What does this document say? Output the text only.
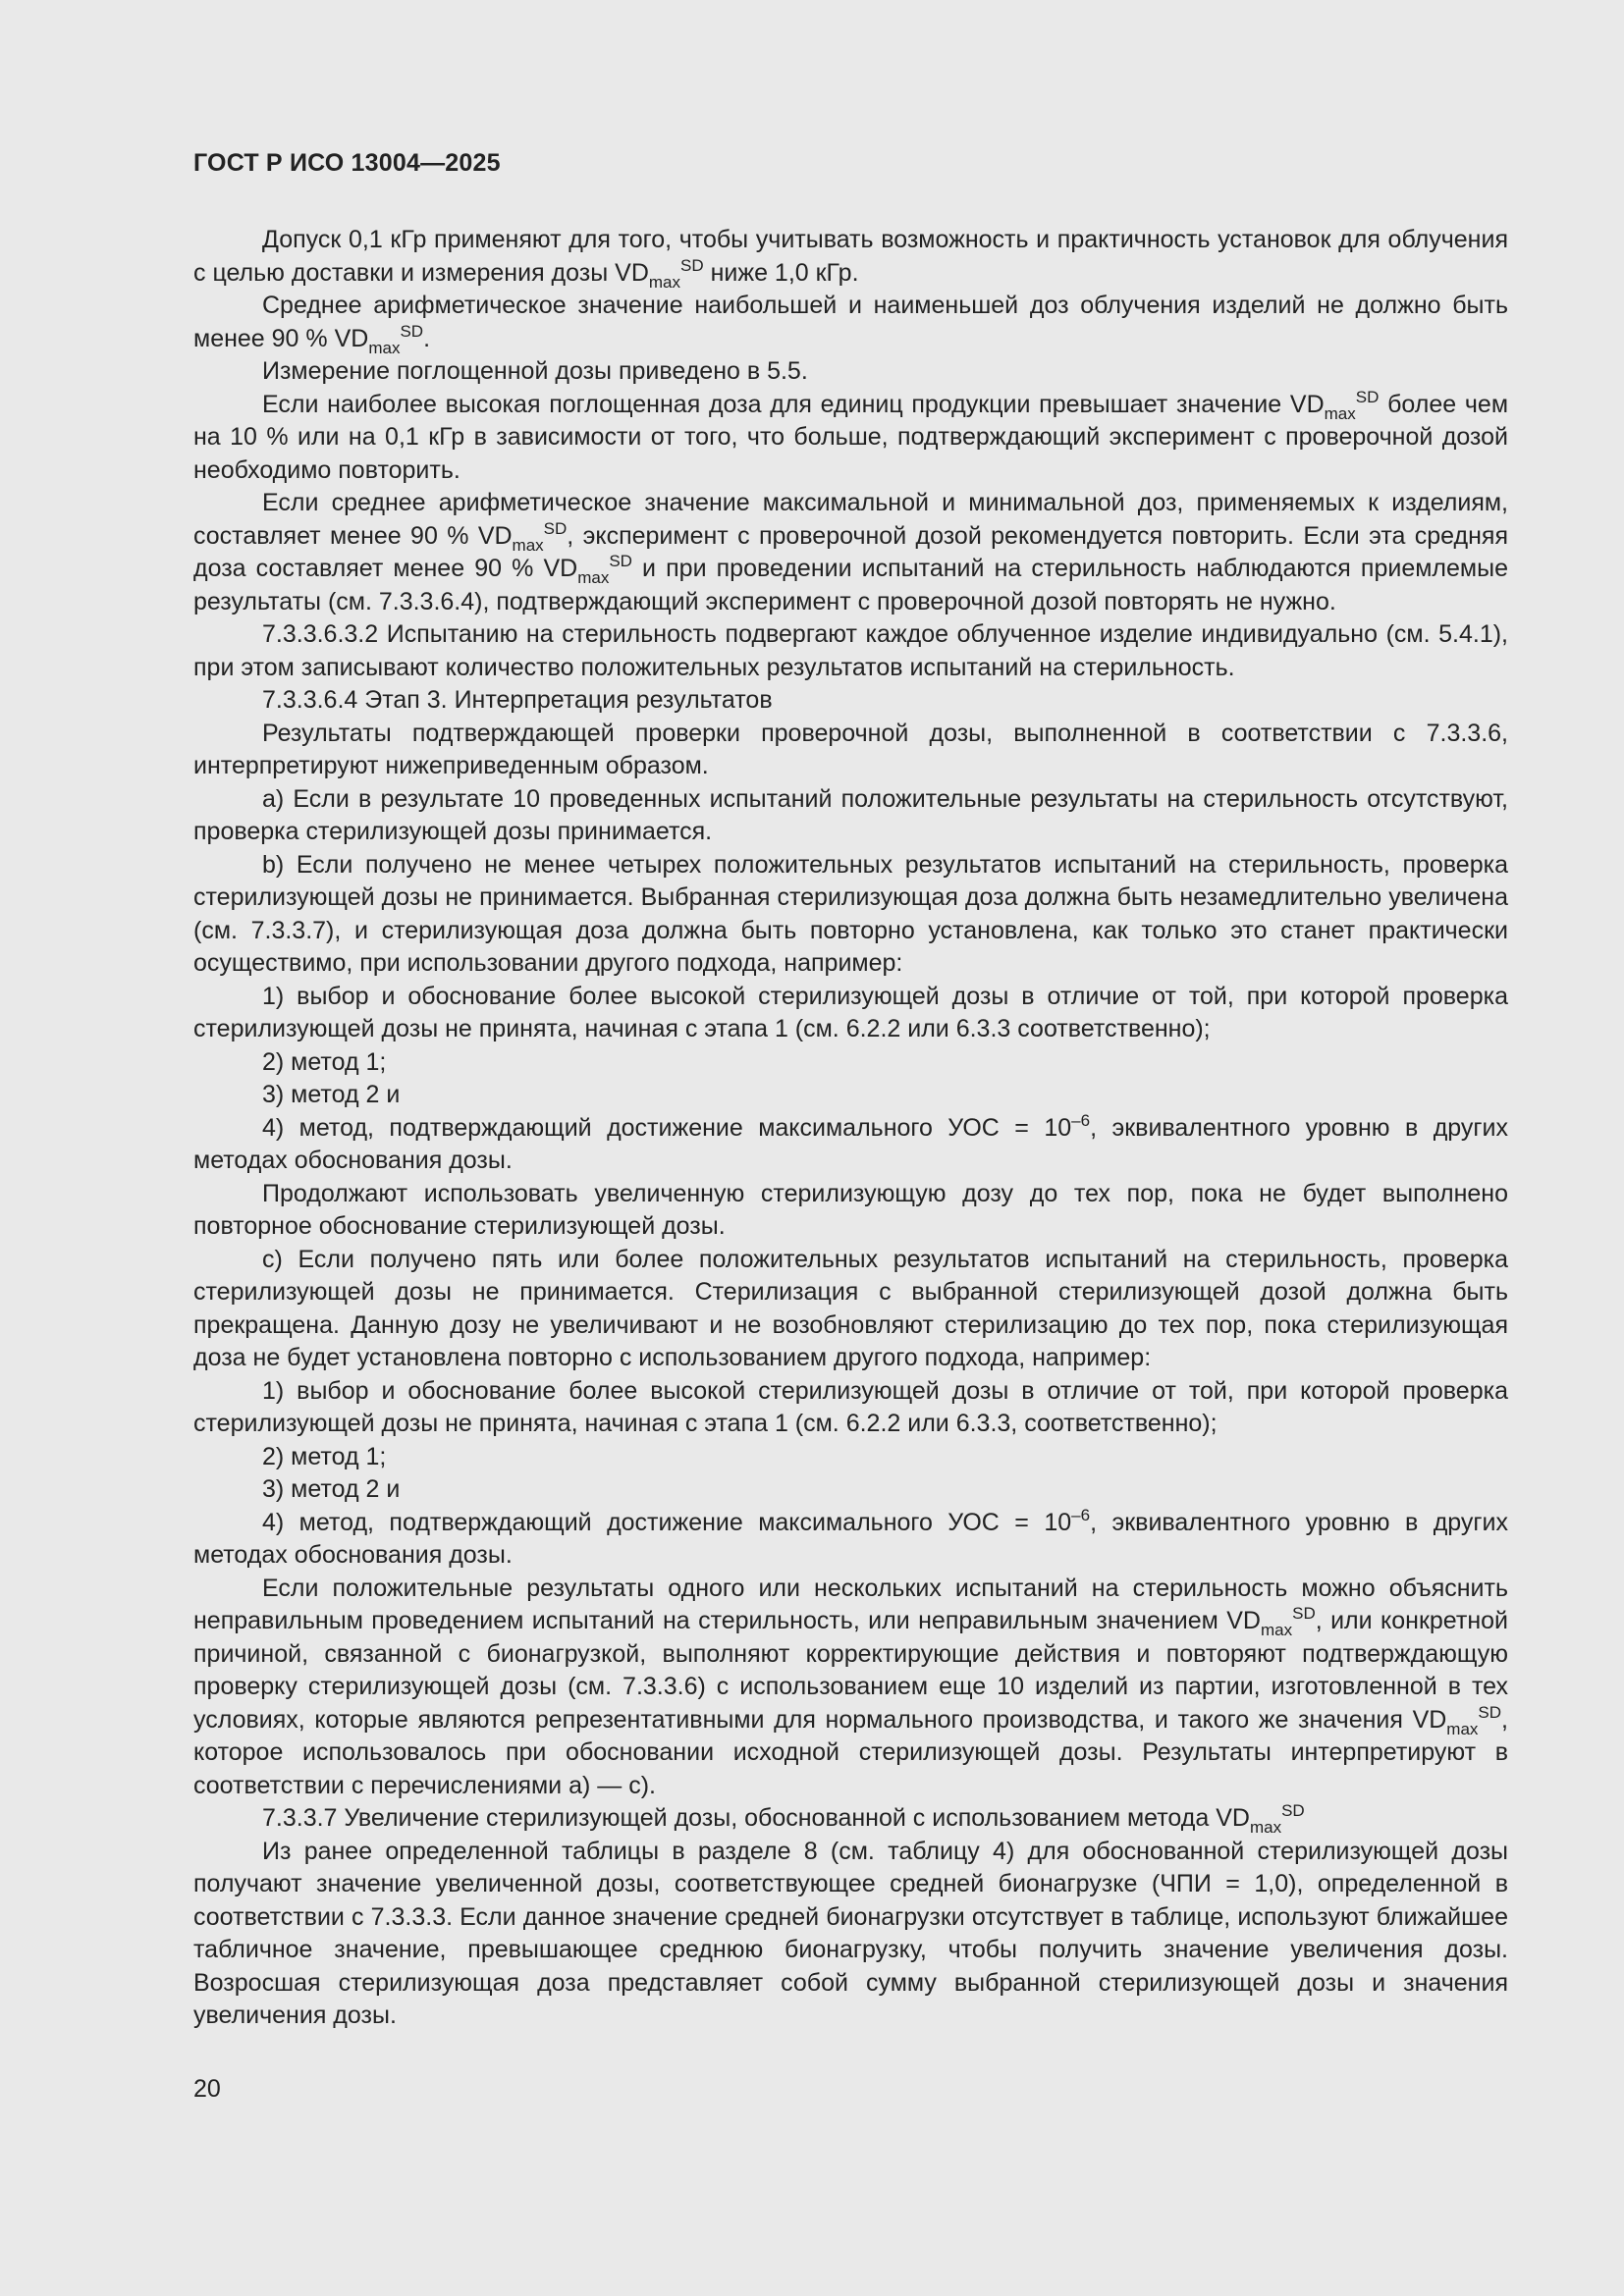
ГОСТ Р ИСО 13004—2025

Допуск 0,1 кГр применяют для того, чтобы учитывать возможность и практичность установок для облучения с целью доставки и измерения дозы $VD_{max}^{SD}$ ниже 1,0 кГр.

Среднее арифметическое значение наибольшей и наименьшей доз облучения изделий не должно быть менее 90 % $VD_{max}^{SD}$.

Измерение поглощенной дозы приведено в 5.5.

Если наиболее высокая поглощенная доза для единиц продукции превышает значение $VD_{max}^{SD}$ более чем на 10 % или на 0,1 кГр в зависимости от того, что больше, подтверждающий эксперимент с проверочной дозой необходимо повторить.

Если среднее арифметическое значение максимальной и минимальной доз, применяемых к изделиям, составляет менее 90 % $VD_{max}^{SD}$, эксперимент с проверочной дозой рекомендуется повторить. Если эта средняя доза составляет менее 90 % $VD_{max}^{SD}$ и при проведении испытаний на стерильность наблюдаются приемлемые результаты (см. 7.3.3.6.4), подтверждающий эксперимент с проверочной дозой повторять не нужно.

7.3.3.6.3.2 Испытанию на стерильность подвергают каждое облученное изделие индивидуально (см. 5.4.1), при этом записывают количество положительных результатов испытаний на стерильность.

7.3.3.6.4 Этап 3. Интерпретация результатов

Результаты подтверждающей проверки проверочной дозы, выполненной в соответствии с 7.3.3.6, интерпретируют нижеприведенным образом.

a) Если в результате 10 проведенных испытаний положительные результаты на стерильность отсутствуют, проверка стерилизующей дозы принимается.

b) Если получено не менее четырех положительных результатов испытаний на стерильность, проверка стерилизующей дозы не принимается. Выбранная стерилизующая доза должна быть незамедлительно увеличена (см. 7.3.3.7), и стерилизующая доза должна быть повторно установлена, как только это станет практически осуществимо, при использовании другого подхода, например:

1) выбор и обоснование более высокой стерилизующей дозы в отличие от той, при которой проверка стерилизующей дозы не принята, начиная с этапа 1 (см. 6.2.2 или 6.3.3 соответственно);

2) метод 1;

3) метод 2 и

4) метод, подтверждающий достижение максимального УОС = $10^{-6}$, эквивалентного уровню в других методах обоснования дозы.

Продолжают использовать увеличенную стерилизующую дозу до тех пор, пока не будет выполнено повторное обоснование стерилизующей дозы.

c) Если получено пять или более положительных результатов испытаний на стерильность, проверка стерилизующей дозы не принимается. Стерилизация с выбранной стерилизующей дозой должна быть прекращена. Данную дозу не увеличивают и не возобновляют стерилизацию до тех пор, пока стерилизующая доза не будет установлена повторно с использованием другого подхода, например:

1) выбор и обоснование более высокой стерилизующей дозы в отличие от той, при которой проверка стерилизующей дозы не принята, начиная с этапа 1 (см. 6.2.2 или 6.3.3, соответственно);

2) метод 1;

3) метод 2 и

4) метод, подтверждающий достижение максимального УОС = $10^{-6}$, эквивалентного уровню в других методах обоснования дозы.

Если положительные результаты одного или нескольких испытаний на стерильность можно объяснить неправильным проведением испытаний на стерильность, или неправильным значением $VD_{max}^{SD}$, или конкретной причиной, связанной с бионагрузкой, выполняют корректирующие действия и повторяют подтверждающую проверку стерилизующей дозы (см. 7.3.3.6) с использованием еще 10 изделий из партии, изготовленной в тех условиях, которые являются репрезентативными для нормального производства, и такого же значения $VD_{max}^{SD}$, которое использовалось при обосновании исходной стерилизующей дозы. Результаты интерпретируют в соответствии с перечислениями a) — c).

7.3.3.7 Увеличение стерилизующей дозы, обоснованной с использованием метода $VD_{max}^{SD}$

Из ранее определенной таблицы в разделе 8 (см. таблицу 4) для обоснованной стерилизующей дозы получают значение увеличенной дозы, соответствующее средней бионагрузке (ЧПИ = 1,0), определенной в соответствии с 7.3.3.3. Если данное значение средней бионагрузки отсутствует в таблице, используют ближайшее табличное значение, превышающее среднюю бионагрузку, чтобы получить значение увеличения дозы. Возросшая стерилизующая доза представляет собой сумму выбранной стерилизующей дозы и значения увеличения дозы.

20
